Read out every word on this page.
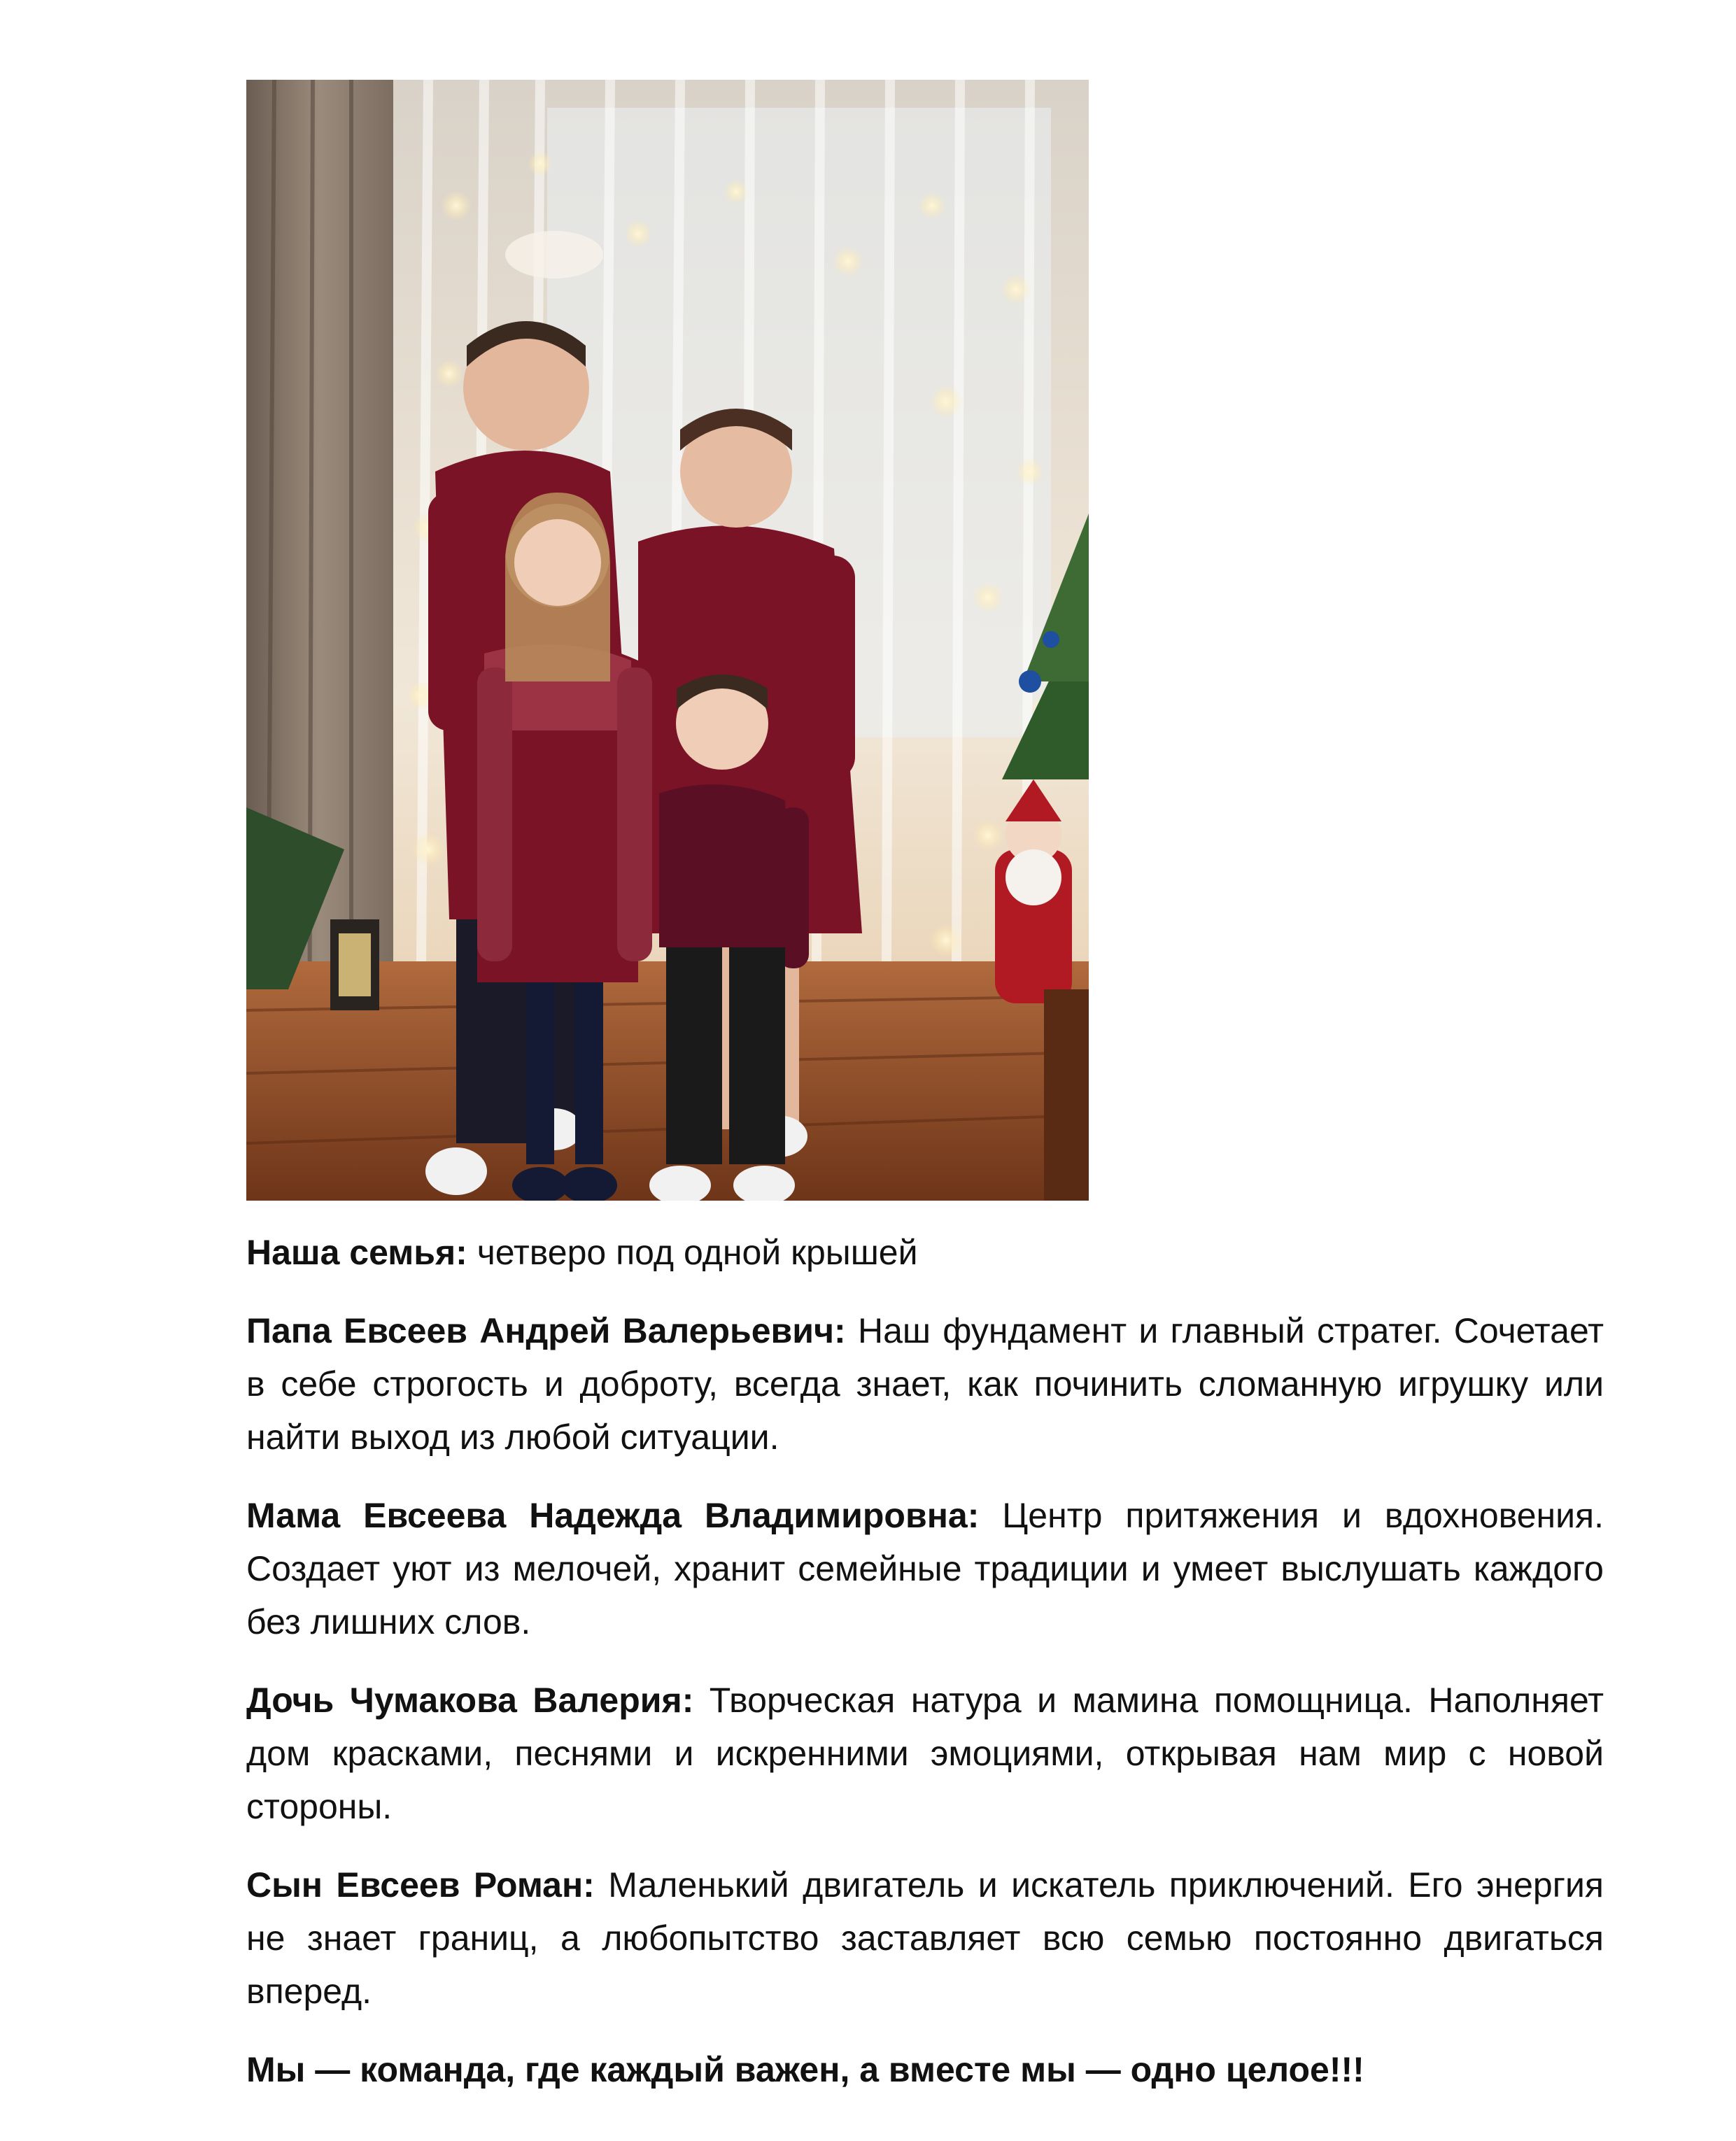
Наша семья: четверо под одной крышей
Папа Евсеев Андрей Валерьевич: Наш фундамент и главный стратег. Сочетает в себе строгость и доброту, всегда знает, как починить сломанную игрушку или найти выход из любой ситуации.
Мама Евсеева Надежда Владимировна: Центр притяжения и вдохновения. Создает уют из мелочей, хранит семейные традиции и умеет выслушать каждого без лишних слов.
Дочь Чумакова Валерия: Творческая натура и мамина помощница. Наполняет дом красками, песнями и искренними эмоциями, открывая нам мир с новой стороны.
Сын Евсеев Роман: Маленький двигатель и искатель приключений. Его энергия не знает границ, а любопытство заставляет всю семью постоянно двигаться вперед.
Мы — команда, где каждый важен, а вместе мы — одно целое!!!
